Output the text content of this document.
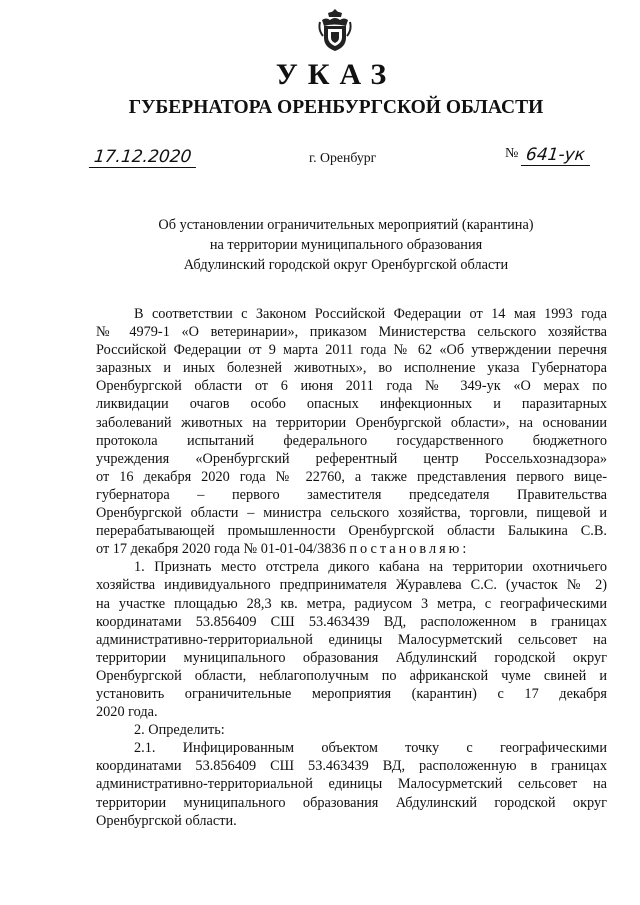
УКАЗ
ГУБЕРНАТОРА ОРЕНБУРГСКОЙ ОБЛАСТИ
17.12.2020	г. Оренбург	№ 641-ук
Об установлении ограничительных мероприятий (карантина)
на территории муниципального образования
Абдулинский городской округ Оренбургской области

В соответствии с Законом Российской Федерации от 14 мая 1993 года

№ 4979-1 «О ветеринарии», приказом Министерства сельского хозяйства

Российской Федерации от 9 марта 2011 года № 62 «Об утверждении перечня

заразных и иных болезней животных», во исполнение указа Губернатора

Оренбургской области от 6 июня 2011 года № 349-ук «О мерах по

ликвидации очагов особо опасных инфекционных и паразитарных

заболеваний животных на территории Оренбургской области», на основании

протокола испытаний федерального государственного бюджетного

учреждения «Оренбургский референтный центр Россельхознадзора»

от 16 декабря 2020 года № 22760, а также представления первого вице-

губернатора – первого заместителя председателя Правительства

Оренбургской области – министра сельского хозяйства, торговли, пищевой и

перерабатывающей промышленности Оренбургской области Балыкина С.В.

от 17 декабря 2020 года № 01-01-04/3836 постановляю:

1. Признать место отстрела дикого кабана на территории охотничьего

хозяйства индивидуального предпринимателя Журавлева С.С. (участок № 2)

на участке площадью 28,3 кв. метра, радиусом 3 метра, с географическими

координатами 53.856409 СШ 53.463439 ВД, расположенном в границах

административно-территориальной единицы Малосурметский сельсовет на

территории муниципального образования Абдулинский городской округ

Оренбургской области, неблагополучным по африканской чуме свиней и

установить ограничительные мероприятия (карантин) с 17 декабря

2020 года.

2. Определить:

2.1. Инфицированным объектом точку с географическими

координатами 53.856409 СШ 53.463439 ВД, расположенную в границах

административно-территориальной единицы Малосурметский сельсовет на

территории муниципального образования Абдулинский городской округ

Оренбургской области.
